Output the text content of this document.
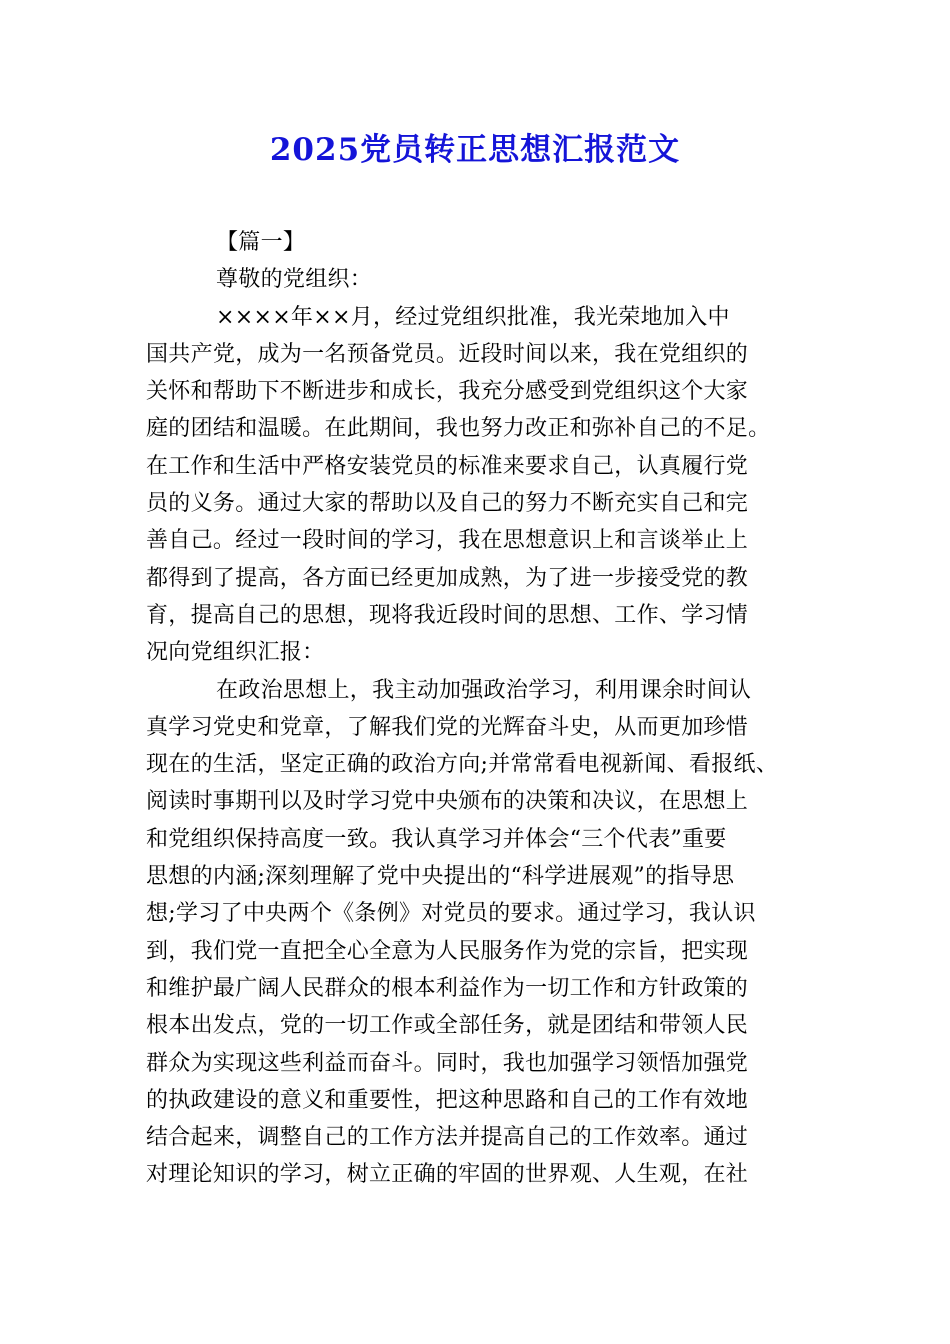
2025党员转正思想汇报范文
【篇一】
尊敬的党组织：
××××年××月，经过党组织批准，我光荣地加入中
国共产党，成为一名预备党员。近段时间以来，我在党组织的
关怀和帮助下不断进步和成长，我充分感受到党组织这个大家
庭的团结和温暖。在此期间，我也努力改正和弥补自己的不足。
在工作和生活中严格安装党员的标准来要求自己，认真履行党
员的义务。通过大家的帮助以及自己的努力不断充实自己和完
善自己。经过一段时间的学习，我在思想意识上和言谈举止上
都得到了提高，各方面已经更加成熟，为了进一步接受党的教
育，提高自己的思想，现将我近段时间的思想、工作、学习情
况向党组织汇报：
在政治思想上，我主动加强政治学习，利用课余时间认
真学习党史和党章，了解我们党的光辉奋斗史，从而更加珍惜
现在的生活，坚定正确的政治方向;并常常看电视新闻、看报纸、
阅读时事期刊以及时学习党中央颁布的决策和决议，在思想上
和党组织保持高度一致。我认真学习并体会“三个代表”重要
思想的内涵;深刻理解了党中央提出的“科学进展观”的指导思
想;学习了中央两个《条例》对党员的要求。通过学习，我认识
到，我们党一直把全心全意为人民服务作为党的宗旨，把实现
和维护最广阔人民群众的根本利益作为一切工作和方针政策的
根本出发点，党的一切工作或全部任务，就是团结和带领人民
群众为实现这些利益而奋斗。同时，我也加强学习领悟加强党
的执政建设的意义和重要性，把这种思路和自己的工作有效地
结合起来，调整自己的工作方法并提高自己的工作效率。通过
对理论知识的学习，树立正确的牢固的世界观、人生观，在社
